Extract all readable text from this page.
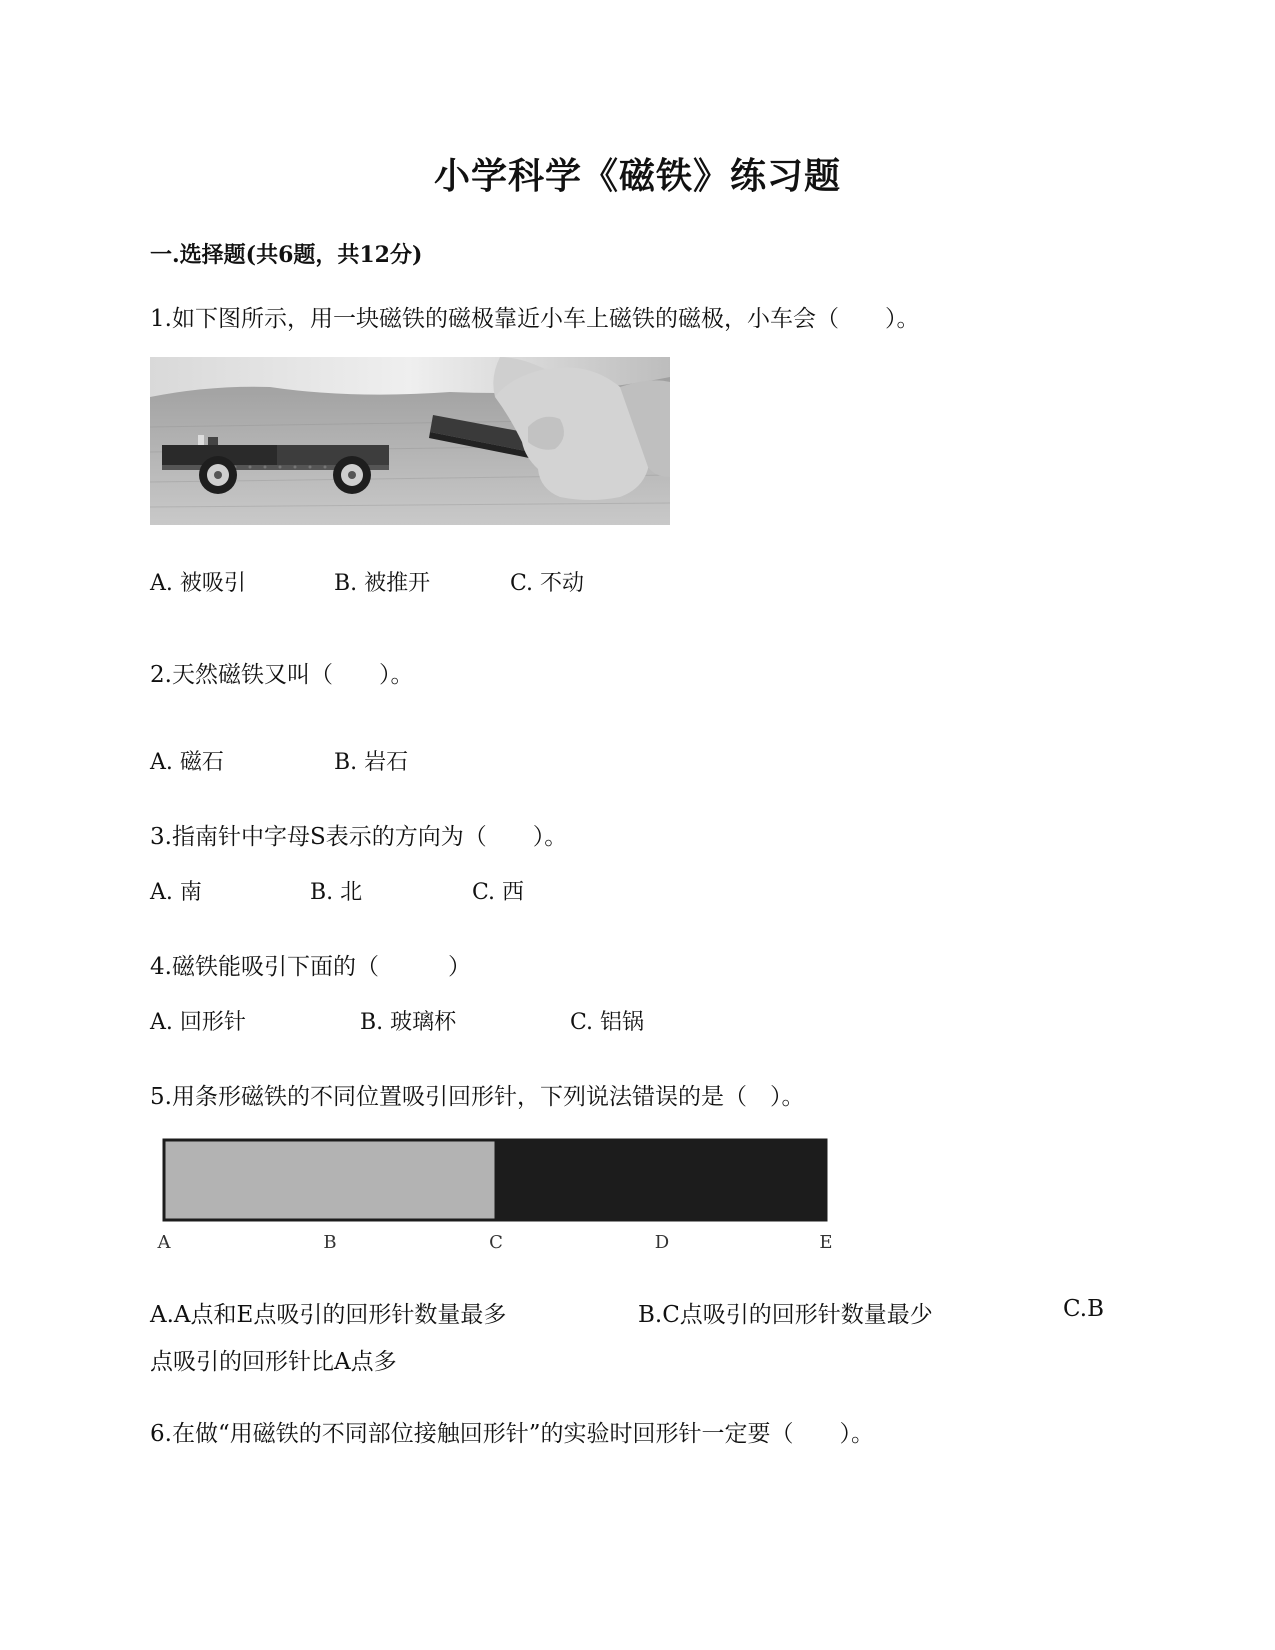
小学科学《磁铁》练习题
一.选择题(共6题，共12分)
1.如下图所示，用一块磁铁的磁极靠近小车上磁铁的磁极，小车会（　　）。
A. 被吸引	B. 被推开	C. 不动
2.天然磁铁又叫（　　）。
A. 磁石	B. 岩石
3.指南针中字母S表示的方向为（　　）。
A. 南	B. 北	C. 西
4.磁铁能吸引下面的（　　　）
A. 回形针	B. 玻璃杯	C. 铝锅
5.用条形磁铁的不同位置吸引回形针，下列说法错误的是（　）。
A	B	C	D	E
A.A点和E点吸引的回形针数量最多	B.C点吸引的回形针数量最少	C.B
点吸引的回形针比A点多
6.在做“用磁铁的不同部位接触回形针”的实验时回形针一定要（　　）。
